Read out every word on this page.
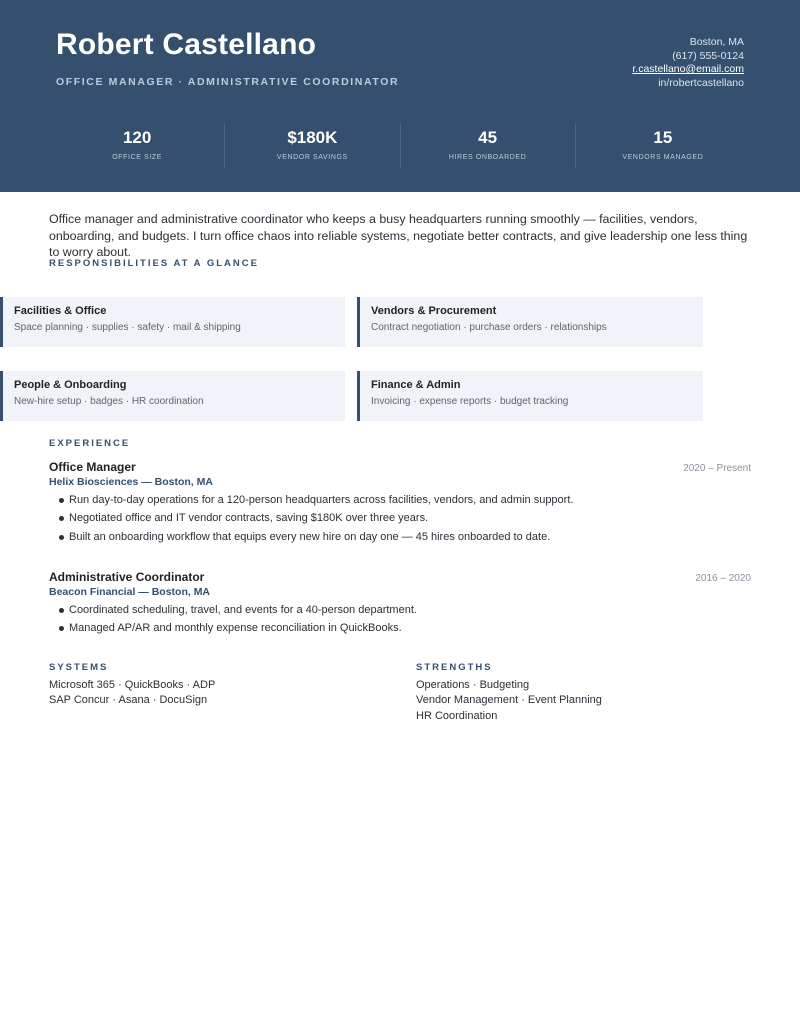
Robert Castellano
OFFICE MANAGER · ADMINISTRATIVE COORDINATOR
Boston, MA
(617) 555-0124
r.castellano@email.com
in/robertcastellano
120
OFFICE SIZE
$180K
VENDOR SAVINGS
45
HIRES ONBOARDED
15
VENDORS MANAGED
Office manager and administrative coordinator who keeps a busy headquarters running smoothly — facilities, vendors, onboarding, and budgets. I turn office chaos into reliable systems, negotiate better contracts, and give leadership one less thing to worry about.
RESPONSIBILITIES AT A GLANCE
Facilities & Office
Space planning · supplies · safety · mail & shipping
Vendors & Procurement
Contract negotiation · purchase orders · relationships
People & Onboarding
New-hire setup · badges · HR coordination
Finance & Admin
Invoicing · expense reports · budget tracking
EXPERIENCE
Office Manager	2020 – Present
Helix Biosciences — Boston, MA
Run day-to-day operations for a 120-person headquarters across facilities, vendors, and admin support.
Negotiated office and IT vendor contracts, saving $180K over three years.
Built an onboarding workflow that equips every new hire on day one — 45 hires onboarded to date.
Administrative Coordinator	2016 – 2020
Beacon Financial — Boston, MA
Coordinated scheduling, travel, and events for a 40-person department.
Managed AP/AR and monthly expense reconciliation in QuickBooks.
SYSTEMS
Microsoft 365 · QuickBooks · ADP
SAP Concur · Asana · DocuSign
STRENGTHS
Operations · Budgeting
Vendor Management · Event Planning
HR Coordination
